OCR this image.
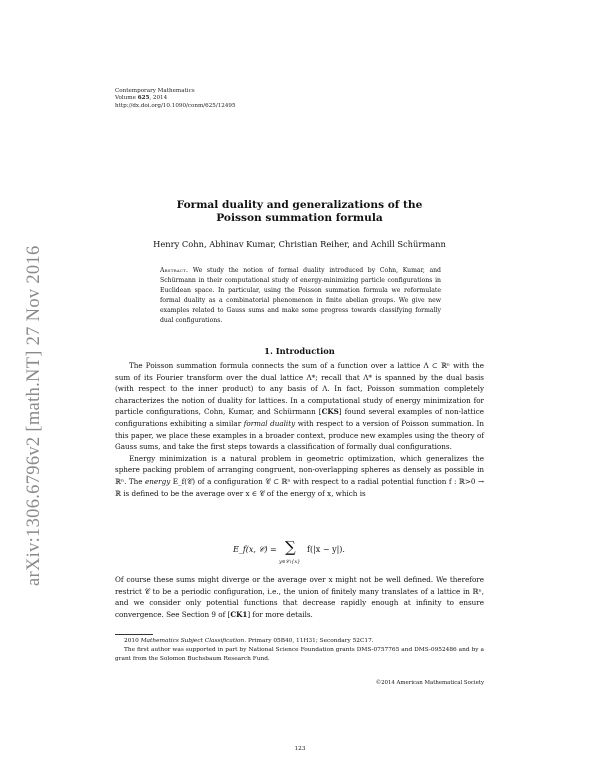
arXiv:1306.6796v2 [math.NT] 27 Nov 2016
Contemporary Mathematics
Volume 625, 2014
http://dx.doi.org/10.1090/conm/625/12495
Formal duality and generalizations of the
Poisson summation formula
Henry Cohn, Abhinav Kumar, Christian Reiher, and Achill Schürmann
Abstract. We study the notion of formal duality introduced by Cohn, Kumar, and Schürmann in their computational study of energy-minimizing particle configurations in Euclidean space. In particular, using the Poisson summation formula we reformulate formal duality as a combinatorial phenomenon in finite abelian groups. We give new examples related to Gauss sums and make some progress towards classifying formally dual configurations.
1. Introduction

The Poisson summation formula connects the sum of a function over a lattice Λ ⊂ ℝⁿ with the sum of its Fourier transform over the dual lattice Λ*; recall that Λ* is spanned by the dual basis (with respect to the inner product) to any basis of Λ. In fact, Poisson summation completely characterizes the notion of duality for lattices. In a computational study of energy minimization for particle configurations, Cohn, Kumar, and Schürmann [CKS] found several examples of non-lattice configurations exhibiting a similar formal duality with respect to a version of Poisson summation. In this paper, we place these examples in a broader context, produce new examples using the theory of Gauss sums, and take the first steps towards a classification of formally dual configurations.

Energy minimization is a natural problem in geometric optimization, which generalizes the sphere packing problem of arranging congruent, non-overlapping spheres as densely as possible in ℝⁿ. The energy E_f(𝒞) of a configuration 𝒞 ⊂ ℝⁿ with respect to a radial potential function f : ℝ>0 → ℝ is defined to be the average over x ∈ 𝒞 of the energy of x, which is

E_f(x, 𝒞) = ∑
y∈𝒞∖{x}
f(|x − y|).
Of course these sums might diverge or the average over x might not be well defined. We therefore restrict 𝒞 to be a periodic configuration, i.e., the union of finitely many translates of a lattice in ℝⁿ, and we consider only potential functions that decrease rapidly enough at infinity to ensure convergence. See Section 9 of [CK1] for more details.

2010 Mathematics Subject Classification. Primary 05B40, 11H31; Secondary 52C17.

The first author was supported in part by National Science Foundation grants DMS-0757765 and DMS-0952486 and by a grant from the Solomon Buchsbaum Research Fund.

©2014 American Mathematical Society
123
